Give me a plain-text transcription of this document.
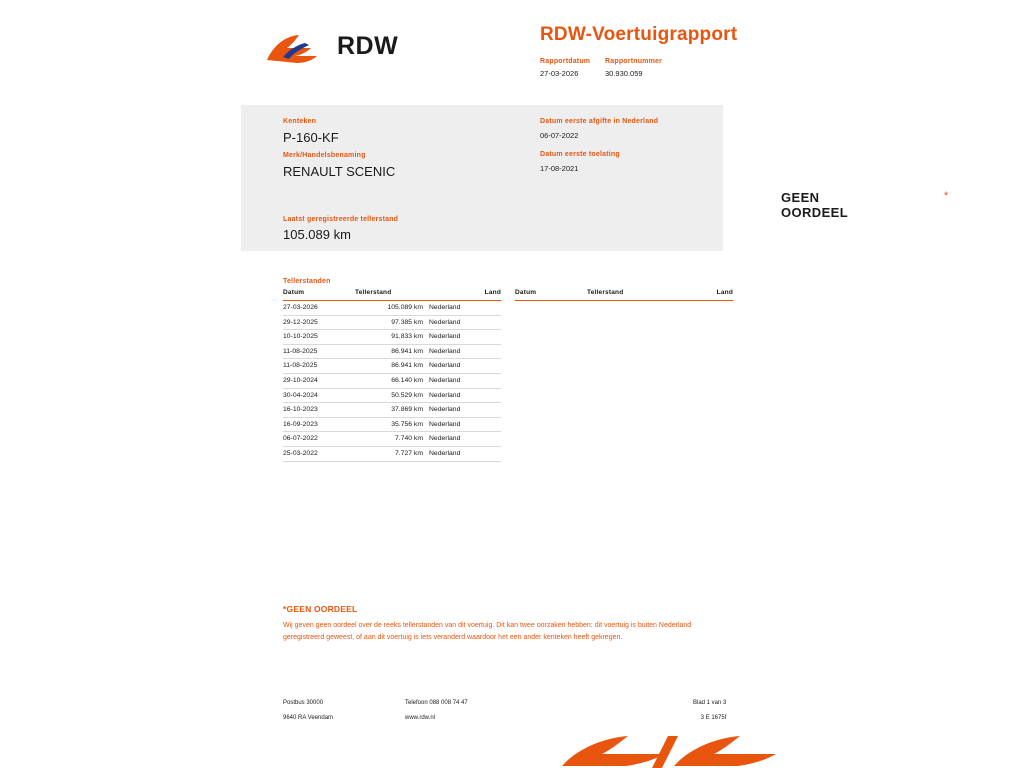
RDW	RDW-Voertuigrapport
Rapportdatum
27-03-2026
Rapportnummer
30.930.059
Kenteken
P-160-KF
Merk/Handelsbenaming
RENAULT SCENIC
Laatst geregistreerde tellerstand
105.089 km
Datum eerste afgifte in Nederland
06-07-2022
Datum eerste toelating
17-08-2021
GEEN OORDEEL
*
Tellerstanden
Datum	Tellerstand	Land
27-03-2026	105.089 km Nederland
29-12-2025	97.385 km Nederland
10-10-2025	91.833 km Nederland
11-08-2025	86.941 km Nederland
11-08-2025	86.941 km Nederland
29-10-2024	66.140 km Nederland
30-04-2024	50.529 km Nederland
16-10-2023	37.869 km Nederland
16-09-2023	35.756 km Nederland
06-07-2022	7.740 km Nederland
25-03-2022	7.727 km Nederland
Datum	Tellerstand	Land
*GEEN OORDEEL
Wij geven geen oordeel over de reeks tellerstanden van dit voertuig. Dit kan twee oorzaken hebben: dit voertuig is buiten Nederland geregistreerd geweest, of aan dit voertuig is iets veranderd waardoor het een ander kenteken heeft gekregen.
Postbus 30000
9640 RA Veendam
Telefoon 088 008 74 47
www.rdw.nl
Blad 1 van 3
3 E 1675f
